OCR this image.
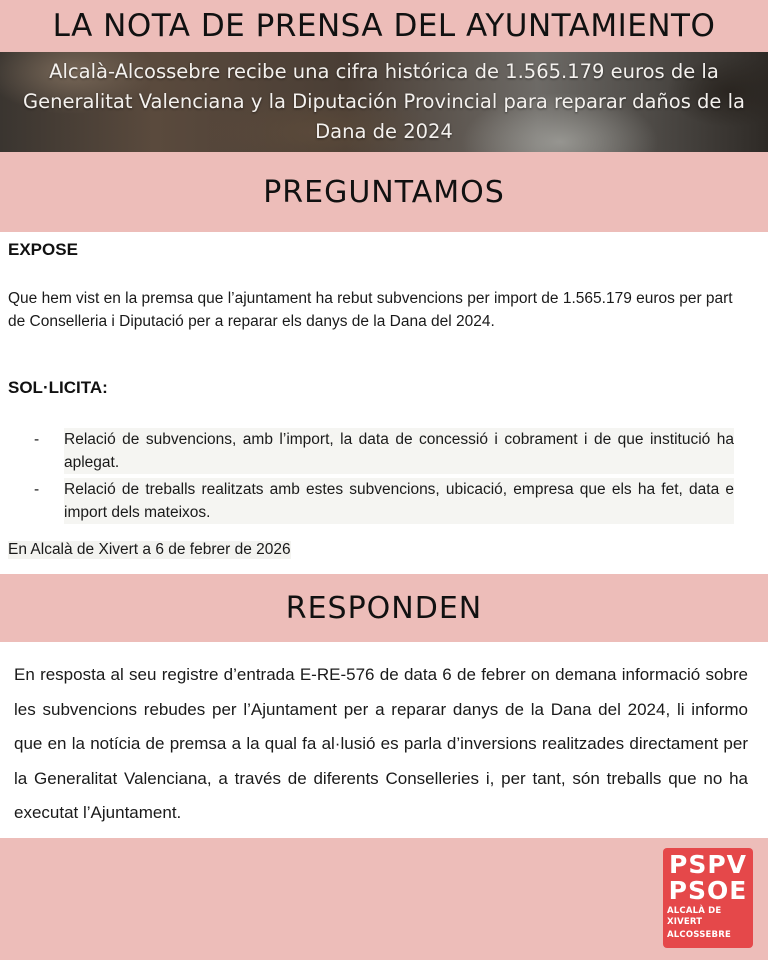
LA NOTA DE PRENSA DEL AYUNTAMIENTO
Alcalà-Alcossebre recibe una cifra histórica de 1.565.179 euros de la Generalitat Valenciana y la Diputación Provincial para reparar daños de la Dana de 2024
PREGUNTAMOS
EXPOSE
Que hem vist en la premsa que l’ajuntament ha rebut subvencions per import de 1.565.179 euros per part de Conselleria i Diputació per a reparar els danys de la Dana del 2024.
SOL·LICITA:
-	Relació de subvencions, amb l’import, la data de concessió i cobrament i de que institució ha aplegat.
-	Relació de treballs realitzats amb estes subvencions, ubicació, empresa que els ha fet, data e import dels mateixos.
En Alcalà de Xivert a 6 de febrer de 2026
RESPONDEN
En resposta al seu registre d’entrada E-RE-576 de data 6 de febrer on demana informació sobre les subvencions rebudes per l’Ajuntament per a reparar danys de la Dana del 2024, li informo que en la notícia de premsa a la qual fa al·lusió es parla d’inversions realitzades directament per la Generalitat Valenciana, a través de diferents Conselleries i, per tant, són treballs que no ha executat l’Ajuntament.
PSPV
PSOE
ALCALÀ DE XIVERT
ALCOSSEBRE
